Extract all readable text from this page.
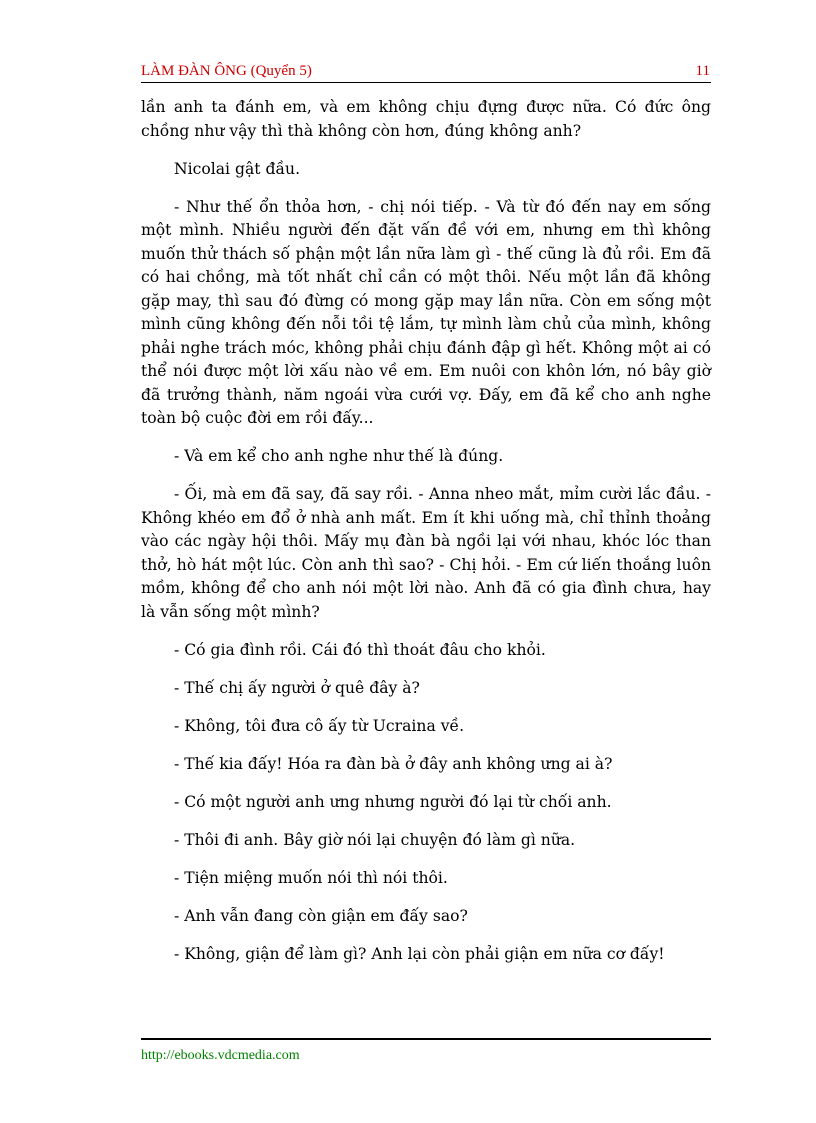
LÀM ĐÀN ÔNG (Quyển 5)	11

lần anh ta đánh em, và em không chịu đựng được nữa. Có đức ông chồng như vậy thì thà không còn hơn, đúng không anh?

Nicolai gật đầu.

- Như thế ổn thỏa hơn, - chị nói tiếp. - Và từ đó đến nay em sống một mình. Nhiều người đến đặt vấn đề với em, nhưng em thì không muốn thử thách số phận một lần nữa làm gì - thế cũng là đủ rồi. Em đã có hai chồng, mà tốt nhất chỉ cần có một thôi. Nếu một lần đã không gặp may, thì sau đó đừng có mong gặp may lần nữa. Còn em sống một mình cũng không đến nỗi tồi tệ lắm, tự mình làm chủ của mình, không phải nghe trách móc, không phải chịu đánh đập gì hết. Không một ai có thể nói được một lời xấu nào về em. Em nuôi con khôn lớn, nó bây giờ đã trưởng thành, năm ngoái vừa cưới vợ. Đấy, em đã kể cho anh nghe toàn bộ cuộc đời em rồi đấy...

- Và em kể cho anh nghe như thế là đúng.

- Ối, mà em đã say, đã say rồi. - Anna nheo mắt, mỉm cười lắc đầu. - Không khéo em đổ ở nhà anh mất. Em ít khi uống mà, chỉ thỉnh thoảng vào các ngày hội thôi. Mấy mụ đàn bà ngồi lại với nhau, khóc lóc than thở, hò hát một lúc. Còn anh thì sao? - Chị hỏi. - Em cứ liến thoắng luôn mồm, không để cho anh nói một lời nào. Anh đã có gia đình chưa, hay là vẫn sống một mình?

- Có gia đình rồi. Cái đó thì thoát đâu cho khỏi.

- Thế chị ấy người ở quê đây à?

- Không, tôi đưa cô ấy từ Ucraina về.

- Thế kia đấy! Hóa ra đàn bà ở đây anh không ưng ai à?

- Có một người anh ưng nhưng người đó lại từ chối anh.

- Thôi đi anh. Bây giờ nói lại chuyện đó làm gì nữa.

- Tiện miệng muốn nói thì nói thôi.

- Anh vẫn đang còn giận em đấy sao?

- Không, giận để làm gì? Anh lại còn phải giận em nữa cơ đấy!

http://ebooks.vdcmedia.com
